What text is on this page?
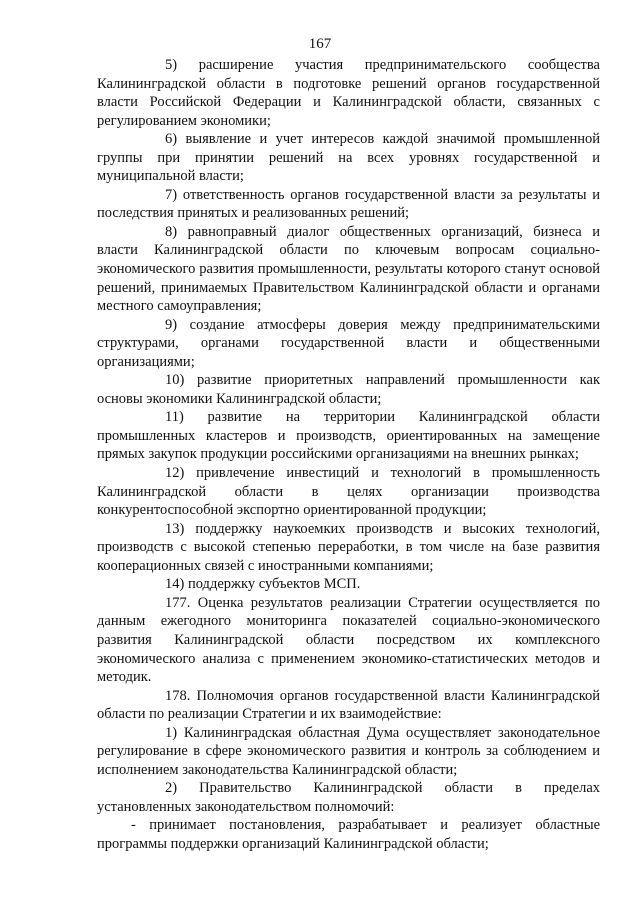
167

5) расширение участия предпринимательского сообщества Калининградской области в подготовке решений органов государственной власти Российской Федерации и Калининградской области, связанных с регулированием экономики;

6) выявление и учет интересов каждой значимой промышленной группы при принятии решений на всех уровнях государственной и муниципальной власти;

7) ответственность органов государственной власти за результаты и последствия принятых и реализованных решений;

8) равноправный диалог общественных организаций, бизнеса и власти Калининградской области по ключевым вопросам социально-экономического развития промышленности, результаты которого станут основой решений, принимаемых Правительством Калининградской области и органами местного самоуправления;

9) создание атмосферы доверия между предпринимательскими структурами, органами государственной власти и общественными организациями;

10) развитие приоритетных направлений промышленности как основы экономики Калининградской области;

11) развитие на территории Калининградской области промышленных кластеров и производств, ориентированных на замещение прямых закупок продукции российскими организациями на внешних рынках;

12) привлечение инвестиций и технологий в промышленность Калининградской области в целях организации производства конкурентоспособной экспортно ориентированной продукции;

13) поддержку наукоемких производств и высоких технологий, производств с высокой степенью переработки, в том числе на базе развития кооперационных связей с иностранными компаниями;

14) поддержку субъектов МСП.

177. Оценка результатов реализации Стратегии осуществляется по данным ежегодного мониторинга показателей социально-экономического развития Калининградской области посредством их комплексного экономического анализа с применением экономико-статистических методов и методик.

178. Полномочия органов государственной власти Калининградской области по реализации Стратегии и их взаимодействие:

1) Калининградская областная Дума осуществляет законодательное регулирование в сфере экономического развития и контроль за соблюдением и исполнением законодательства Калининградской области;

2) Правительство Калининградской области в пределах установленных законодательством полномочий:

- принимает постановления, разрабатывает и реализует областные программы поддержки организаций Калининградской области;
